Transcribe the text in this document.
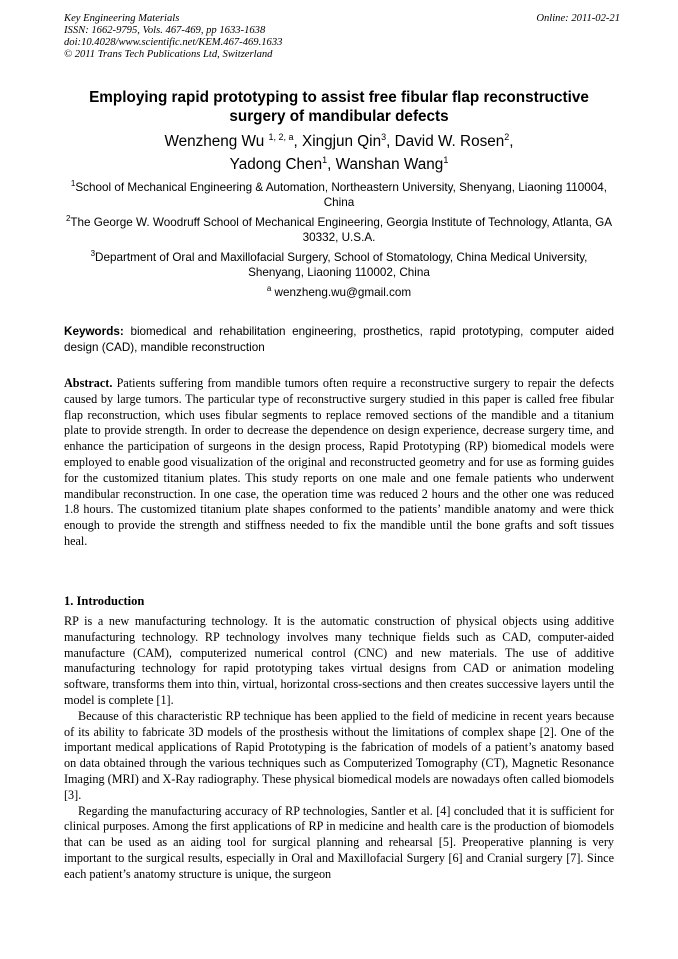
Key Engineering Materials	Online: 2011-02-21
ISSN: 1662-9795, Vols. 467-469, pp 1633-1638
doi:10.4028/www.scientific.net/KEM.467-469.1633
© 2011 Trans Tech Publications Ltd, Switzerland
Employing rapid prototyping to assist free fibular flap reconstructive surgery of mandibular defects

Wenzheng Wu $^{1, 2, a}$, Xingjun Qin$^3$, David W. Rosen$^2$,

Yadong Chen$^1$, Wanshan Wang$^1$

$^1$School of Mechanical Engineering & Automation, Northeastern University, Shenyang, Liaoning 110004, China

$^2$The George W. Woodruff School of Mechanical Engineering, Georgia Institute of Technology, Atlanta, GA 30332, U.S.A.

$^3$Department of Oral and Maxillofacial Surgery, School of Stomatology, China Medical University, Shenyang, Liaoning 110002, China

$^a$ wenzheng.wu@gmail.com

Keywords: biomedical and rehabilitation engineering, prosthetics, rapid prototyping, computer aided design (CAD), mandible reconstruction

Abstract. Patients suffering from mandible tumors often require a reconstructive surgery to repair the defects caused by large tumors. The particular type of reconstructive surgery studied in this paper is called free fibular flap reconstruction, which uses fibular segments to replace removed sections of the mandible and a titanium plate to provide strength. In order to decrease the dependence on design experience, decrease surgery time, and enhance the participation of surgeons in the design process, Rapid Prototyping (RP) biomedical models were employed to enable good visualization of the original and reconstructed geometry and for use as forming guides for the customized titanium plates. This study reports on one male and one female patients who underwent mandibular reconstruction. In one case, the operation time was reduced 2 hours and the other one was reduced 1.8 hours. The customized titanium plate shapes conformed to the patients’ mandible anatomy and were thick enough to provide the strength and stiffness needed to fix the mandible until the bone grafts and soft tissues heal.

1. Introduction

RP is a new manufacturing technology. It is the automatic construction of physical objects using additive manufacturing technology. RP technology involves many technique fields such as CAD, computer-aided manufacture (CAM), computerized numerical control (CNC) and new materials. The use of additive manufacturing technology for rapid prototyping takes virtual designs from CAD or animation modeling software, transforms them into thin, virtual, horizontal cross-sections and then creates successive layers until the model is complete [1].

Because of this characteristic RP technique has been applied to the field of medicine in recent years because of its ability to fabricate 3D models of the prosthesis without the limitations of complex shape [2]. One of the important medical applications of Rapid Prototyping is the fabrication of models of a patient’s anatomy based on data obtained through the various techniques such as Computerized Tomography (CT), Magnetic Resonance Imaging (MRI) and X-Ray radiography. These physical biomedical models are nowadays often called biomodels [3].

Regarding the manufacturing accuracy of RP technologies, Santler et al. [4] concluded that it is sufficient for clinical purposes. Among the first applications of RP in medicine and health care is the production of biomodels that can be used as an aiding tool for surgical planning and rehearsal [5]. Preoperative planning is very important to the surgical results, especially in Oral and Maxillofacial Surgery [6] and Cranial surgery [7]. Since each patient’s anatomy structure is unique, the surgeon
